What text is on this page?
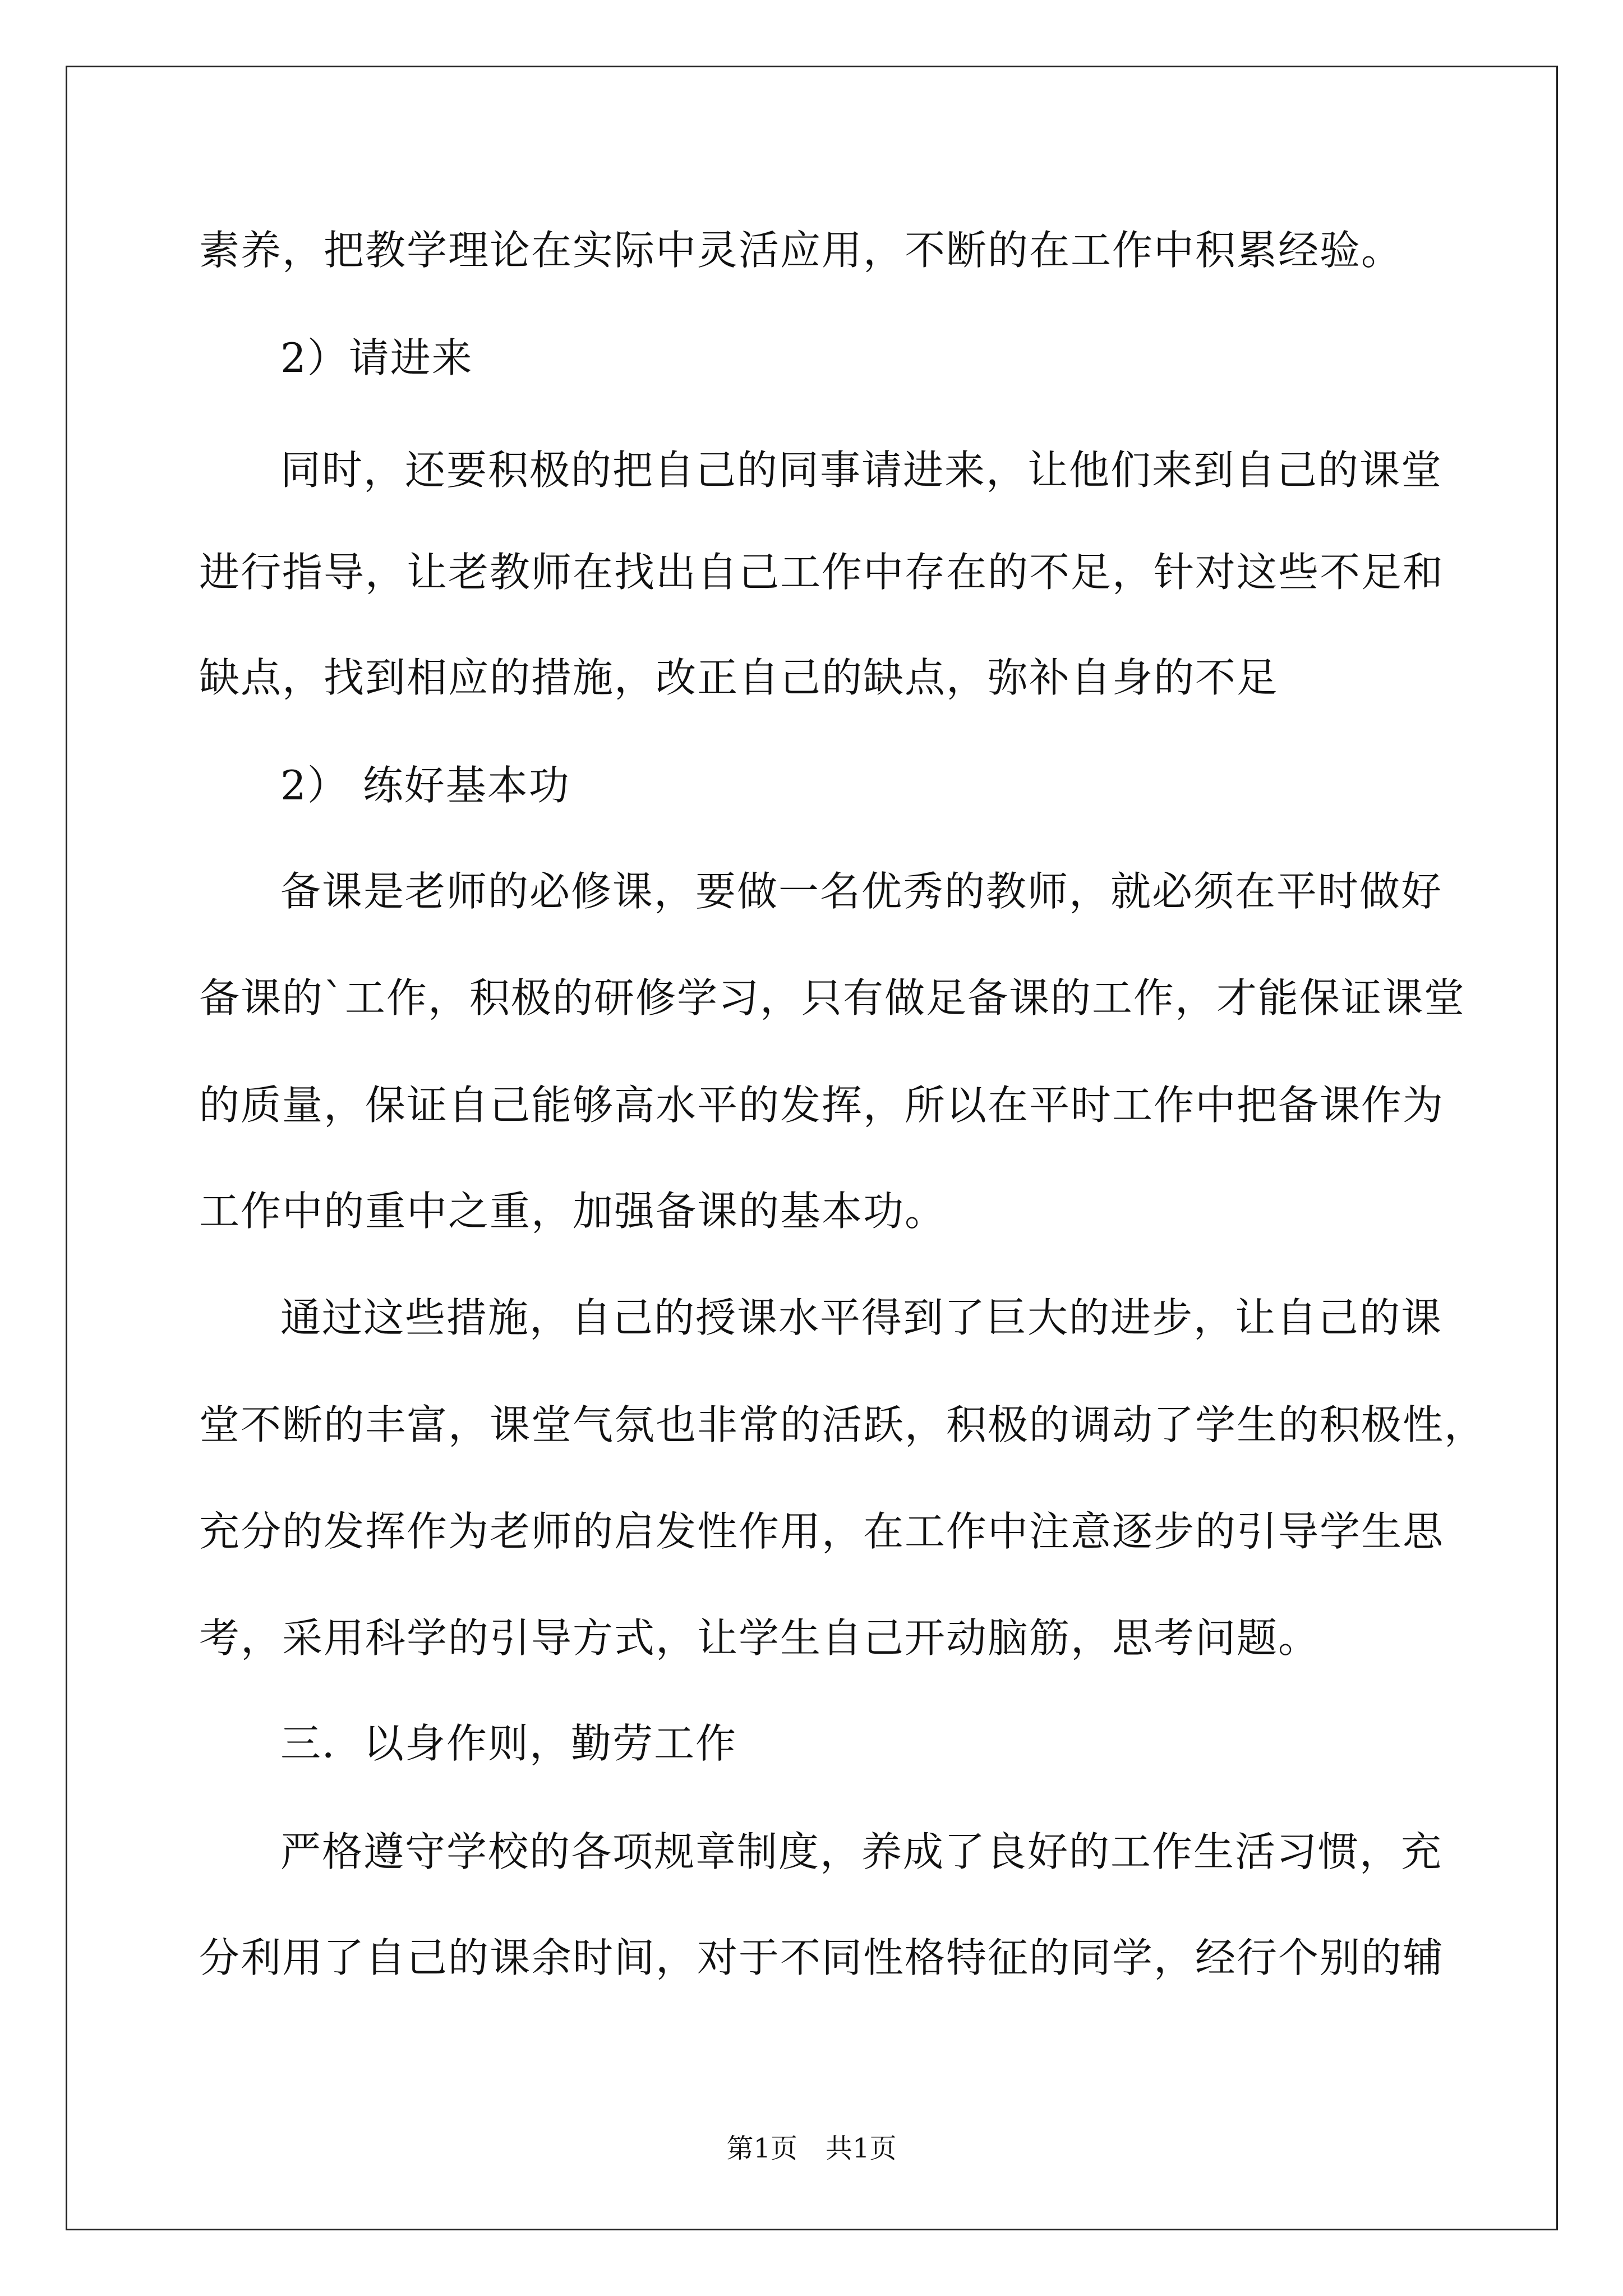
素养，把教学理论在实际中灵活应用，不断的在工作中积累经验。
2）请进来
同时，还要积极的把自己的同事请进来，让他们来到自己的课堂
进行指导，让老教师在找出自己工作中存在的不足，针对这些不足和
缺点，找到相应的措施，改正自己的缺点，弥补自身的不足
2） 练好基本功
备课是老师的必修课，要做一名优秀的教师，就必须在平时做好
备课的`工作，积极的研修学习，只有做足备课的工作，才能保证课堂
的质量，保证自己能够高水平的发挥，所以在平时工作中把备课作为
工作中的重中之重，加强备课的基本功。
通过这些措施，自己的授课水平得到了巨大的进步，让自己的课
堂不断的丰富，课堂气氛也非常的活跃，积极的调动了学生的积极性，
充分的发挥作为老师的启发性作用，在工作中注意逐步的引导学生思
考，采用科学的引导方式，让学生自己开动脑筋，思考问题。
三．以身作则，勤劳工作
严格遵守学校的各项规章制度，养成了良好的工作生活习惯，充
分利用了自己的课余时间，对于不同性格特征的同学，经行个别的辅
第1页 共1页
